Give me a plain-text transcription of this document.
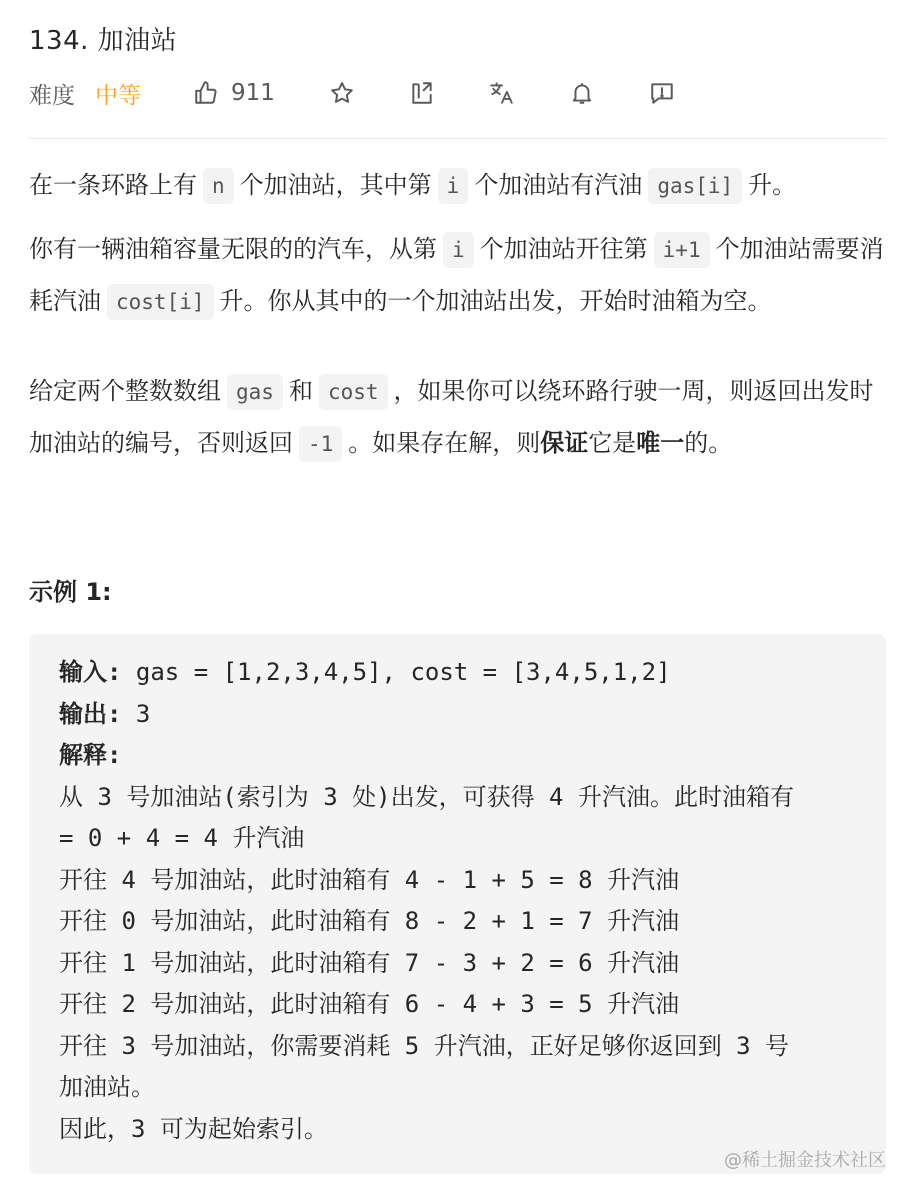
134. 加油站
难度 中等	911
在一条环路上有 n 个加油站，其中第 i 个加油站有汽油 gas[i] 升。
你有一辆油箱容量无限的的汽车，从第 i 个加油站开往第 i+1 个加油站需要消耗汽油 cost[i] 升。你从其中的一个加油站出发，开始时油箱为空。
给定两个整数数组 gas 和 cost ，如果你可以绕环路行驶一周，则返回出发时加油站的编号，否则返回 -1 。如果存在解，则保证它是唯一的。
示例 1:
输入: gas = [1,2,3,4,5], cost = [3,4,5,1,2]
输出: 3
解释:
从 3 号加油站(索引为 3 处)出发，可获得 4 升汽油。此时油箱有
= 0 + 4 = 4 升汽油
开往 4 号加油站，此时油箱有 4 - 1 + 5 = 8 升汽油
开往 0 号加油站，此时油箱有 8 - 2 + 1 = 7 升汽油
开往 1 号加油站，此时油箱有 7 - 3 + 2 = 6 升汽油
开往 2 号加油站，此时油箱有 6 - 4 + 3 = 5 升汽油
开往 3 号加油站，你需要消耗 5 升汽油，正好足够你返回到 3 号
加油站。
因此，3 可为起始索引。
@稀土掘金技术社区
